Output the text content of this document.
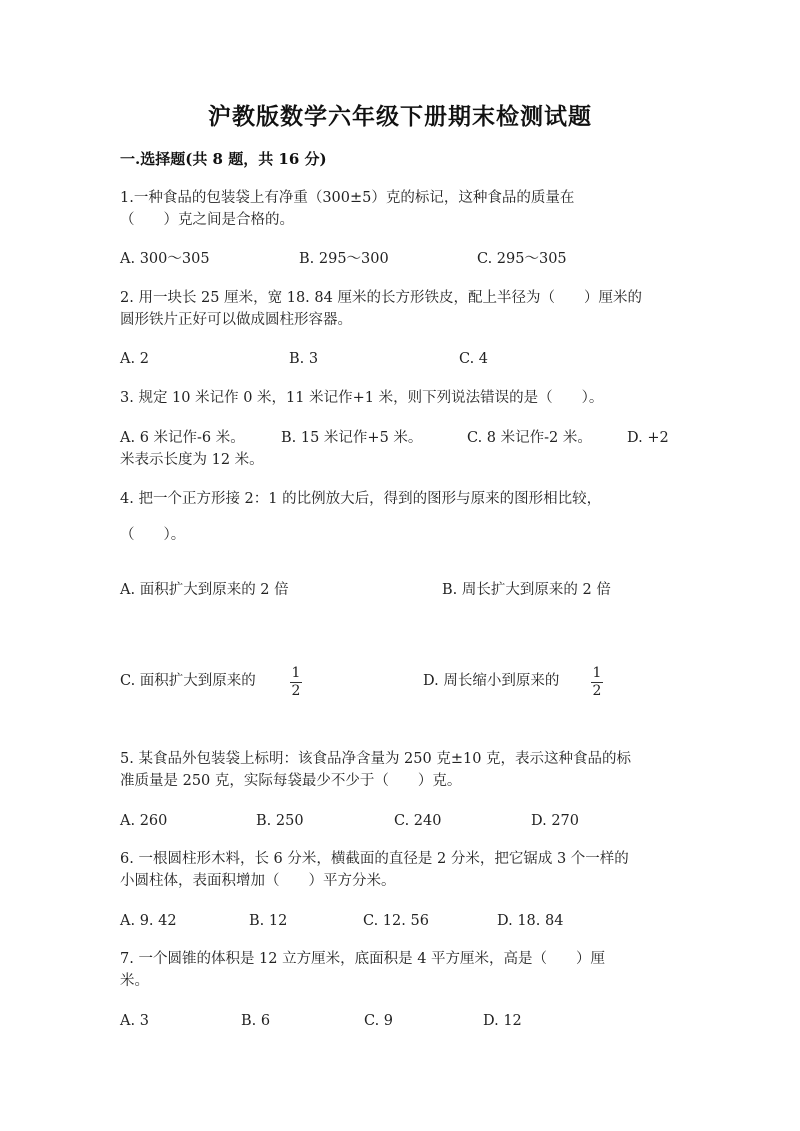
沪教版数学六年级下册期末检测试题
一.选择题(共 8 题，共 16 分)
1.一种食品的包装袋上有净重（300±5）克的标记，这种食品的质量在
（　　）克之间是合格的。
A. 300～305	B. 295～300	C. 295～305
2. 用一块长 25 厘米，宽 18. 84 厘米的长方形铁皮，配上半径为（　　）厘米的
圆形铁片正好可以做成圆柱形容器。
A. 2	B. 3	C. 4
3. 规定 10 米记作 0 米，11 米记作+1 米，则下列说法错误的是（　　）。
A. 6 米记作-6 米。 B. 15 米记作+5 米。	C. 8 米记作-2 米。 D. +2
米表示长度为 12 米。
4. 把一个正方形接 2：1 的比例放大后，得到的图形与原来的图形相比较，
（　　）。
A. 面积扩大到原来的 2 倍	B. 周长扩大到原来的 2 倍
C. 面积扩大到原来的	1
2
D. 周长缩小到原来的 1
2
5. 某食品外包装袋上标明：该食品净含量为 250 克±10 克，表示这种食品的标
准质量是 250 克，实际每袋最少不少于（　　）克。
A. 260	B. 250	C. 240	D. 270
6. 一根圆柱形木料，长 6 分米，横截面的直径是 2 分米，把它锯成 3 个一样的
小圆柱体，表面积增加（　　）平方分米。
A. 9. 42	B. 12	C. 12. 56	D. 18. 84
7. 一个圆锥的体积是 12 立方厘米，底面积是 4 平方厘米，高是（　　）厘
米。
A. 3	B. 6	C. 9	D. 12
